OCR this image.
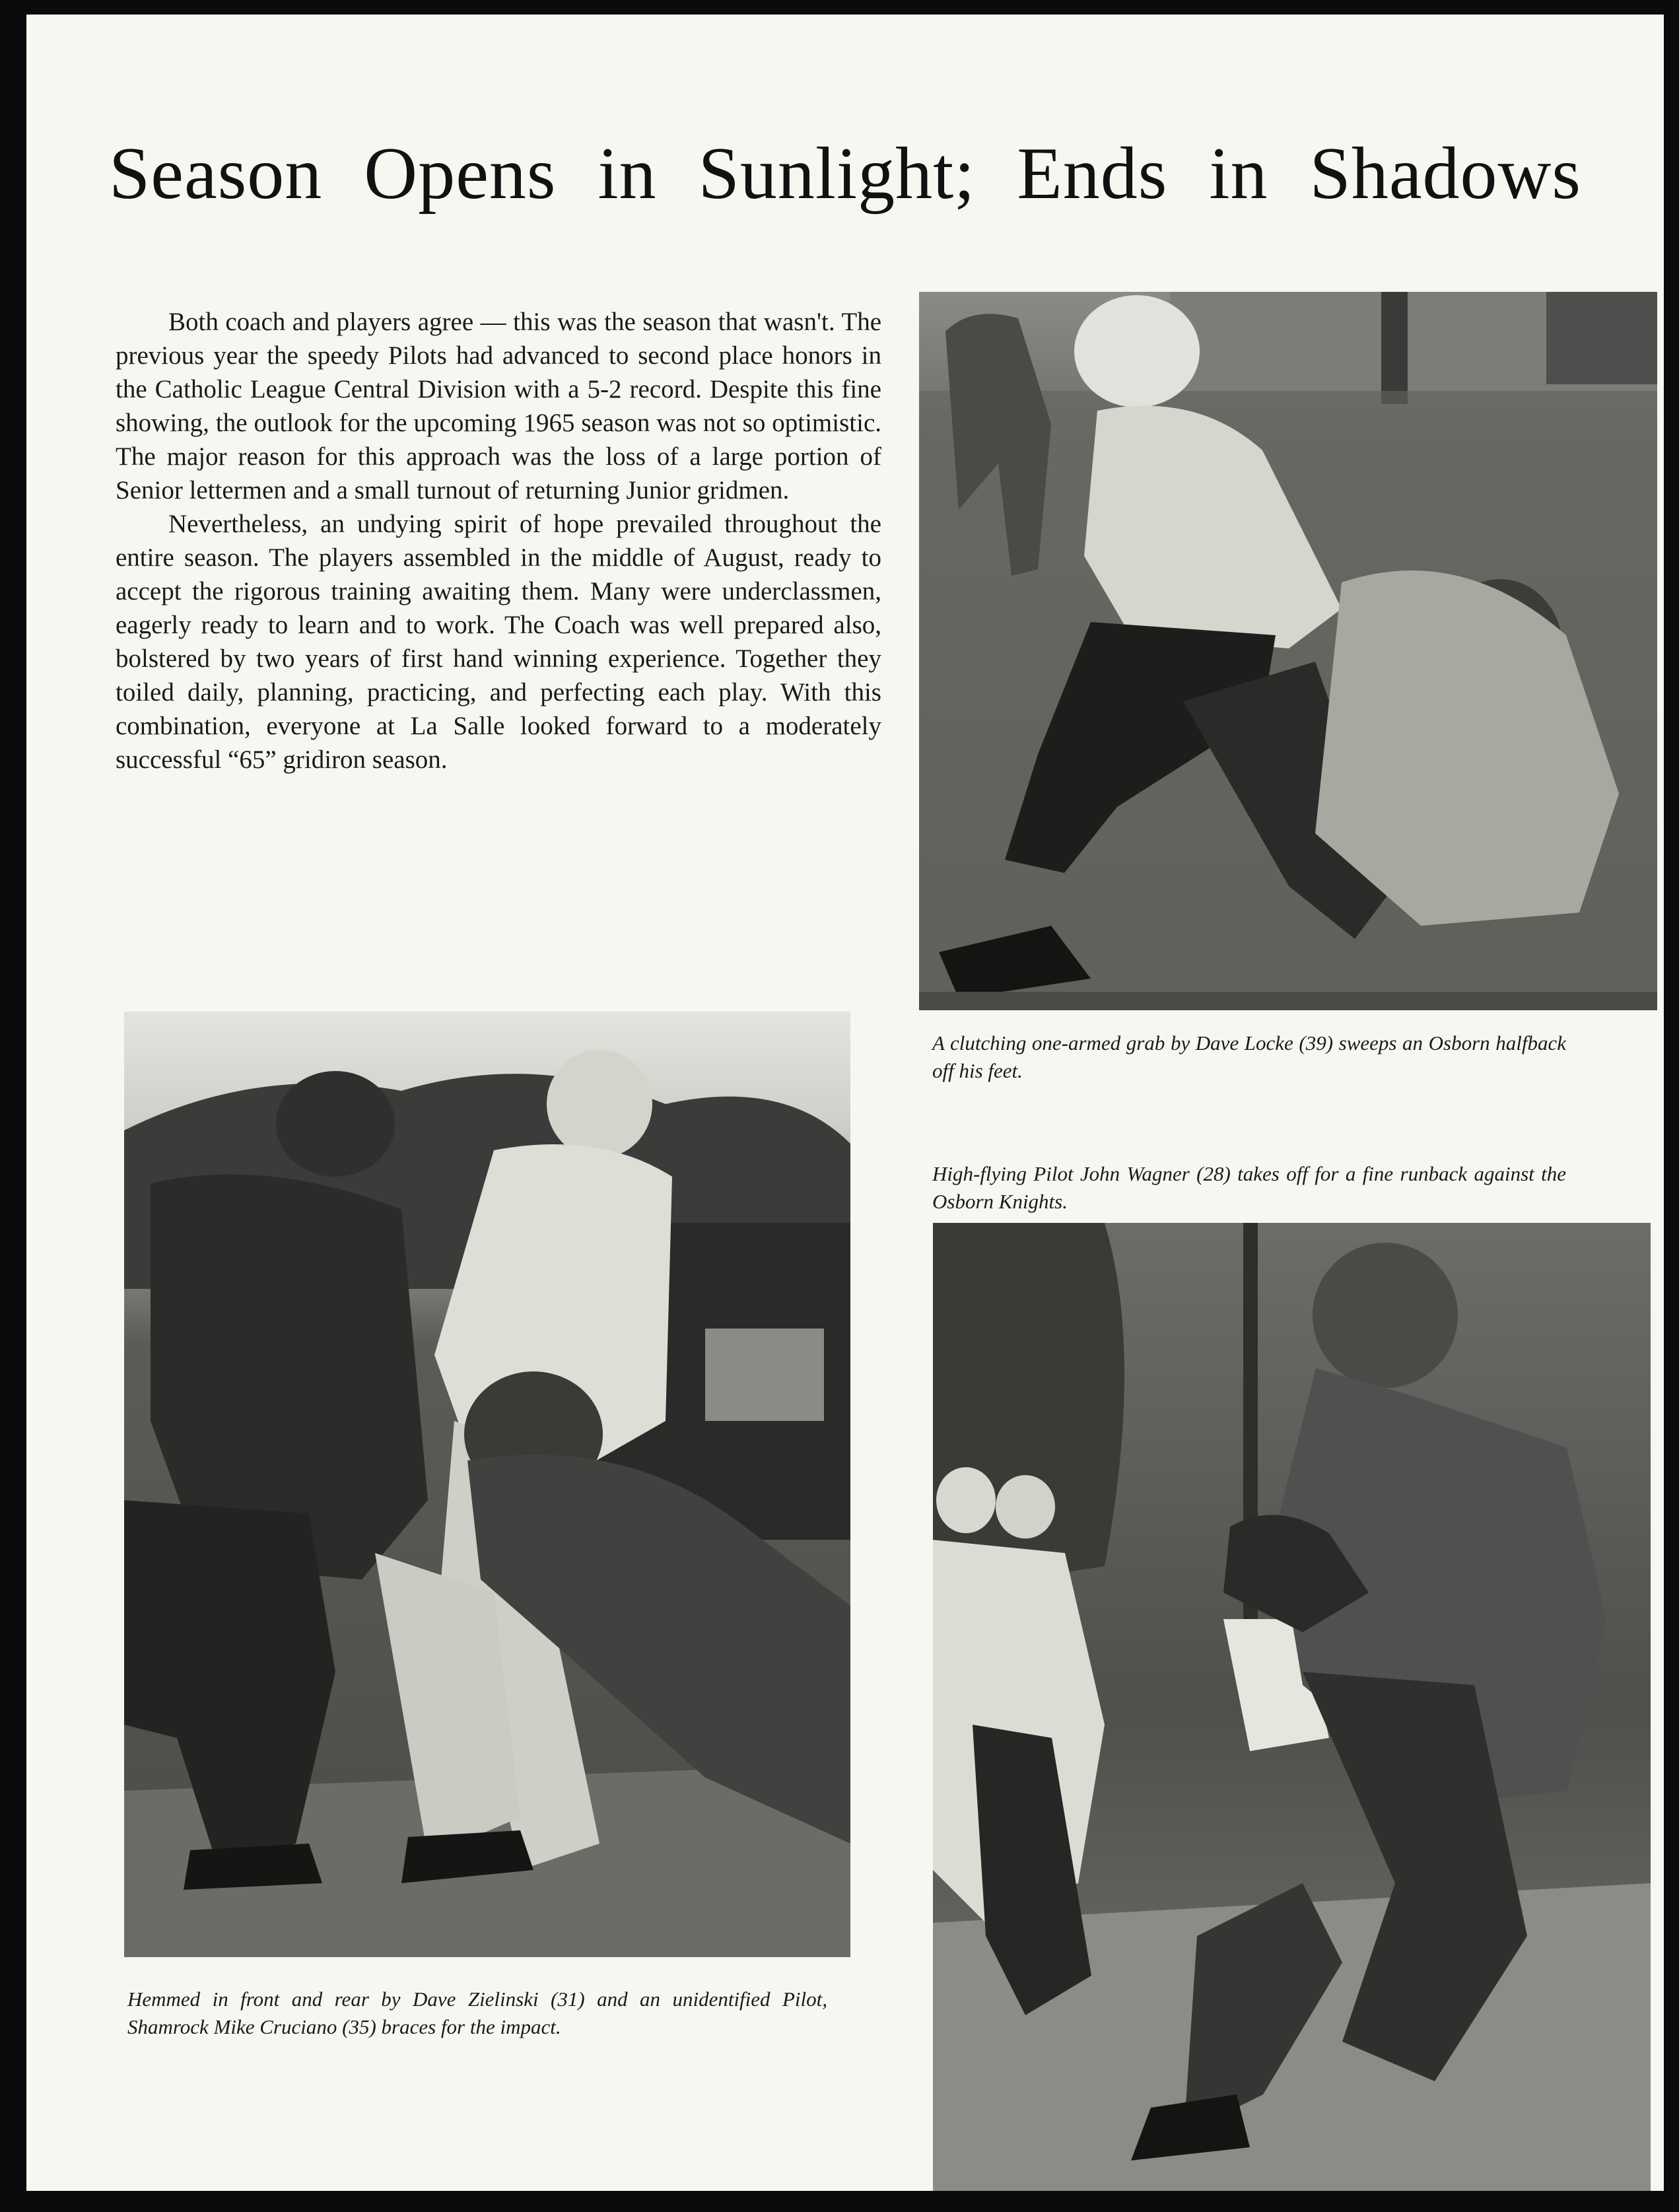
Season Opens in Sunlight; Ends in Shadows

Both coach and players agree — this was the season that wasn't. The previous year the speedy Pilots had advanced to second place honors in the Catholic League Central Division with a 5-2 record. Despite this fine showing, the outlook for the upcoming 1965 season was not so optimistic. The major reason for this approach was the loss of a large portion of Senior lettermen and a small turnout of returning Junior gridmen.

Nevertheless, an undying spirit of hope prevailed throughout the entire season. The players assembled in the middle of August, ready to accept the rigorous training awaiting them. Many were underclassmen, eagerly ready to learn and to work. The Coach was well prepared also, bolstered by two years of first hand winning experience. Together they toiled daily, planning, practicing, and perfecting each play. With this combination, everyone at La Salle looked forward to a moderately successful “65” gridiron season.

A clutching one-armed grab by Dave Locke (39) sweeps an Osborn halfback off his feet.

High-flying Pilot John Wagner (28) takes off for a fine runback against the Osborn Knights.

Hemmed in front and rear by Dave Zielinski (31) and an unidentified Pilot, Shamrock Mike Cruciano (35) braces for the impact.
